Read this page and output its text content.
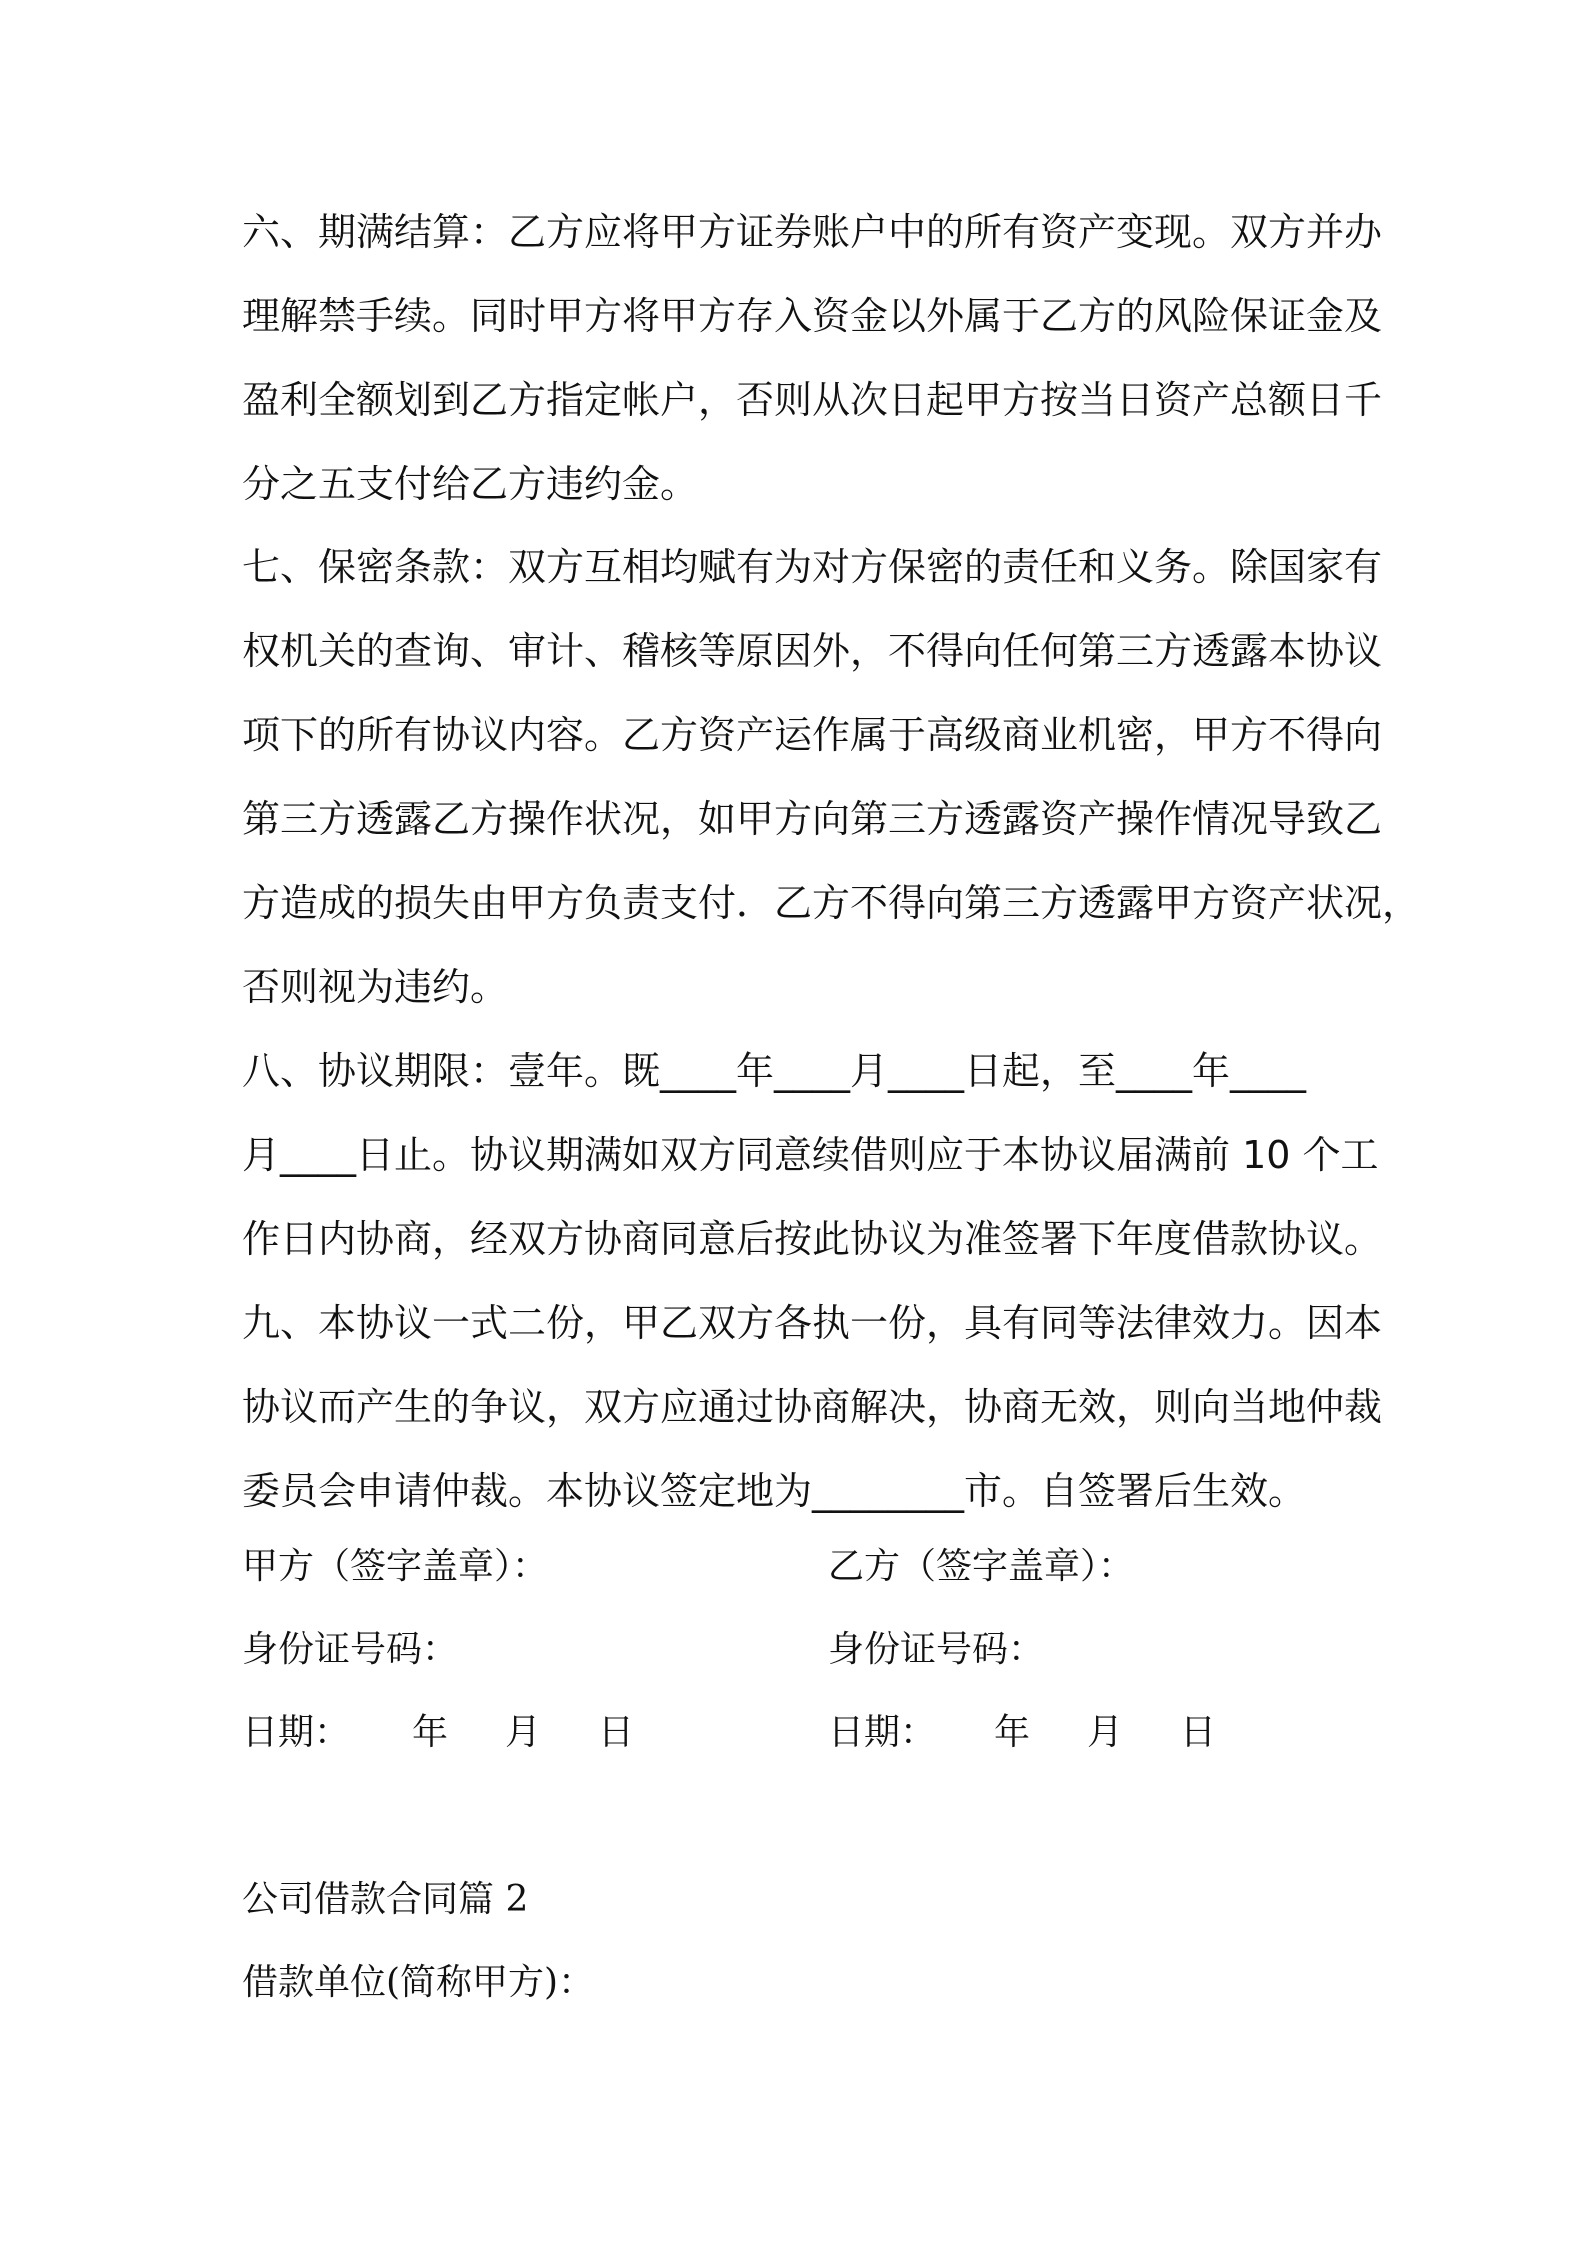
六、期满结算：乙方应将甲方证券账户中的所有资产变现。双方并办
理解禁手续。同时甲方将甲方存入资金以外属于乙方的风险保证金及
盈利全额划到乙方指定帐户，否则从次日起甲方按当日资产总额日千
分之五支付给乙方违约金。
七、保密条款：双方互相均赋有为对方保密的责任和义务。除国家有
权机关的查询、审计、稽核等原因外，不得向任何第三方透露本协议
项下的所有协议内容。乙方资产运作属于高级商业机密，甲方不得向
第三方透露乙方操作状况，如甲方向第三方透露资产操作情况导致乙
方造成的损失由甲方负责支付．乙方不得向第三方透露甲方资产状况，
否则视为违约。
八、协议期限：壹年。既____年____月____日起，至____年____
月____日止。协议期满如双方同意续借则应于本协议届满前 10 个工
作日内协商，经双方协商同意后按此协议为准签署下年度借款协议。
九、本协议一式二份，甲乙双方各执一份，具有同等法律效力。因本
协议而产生的争议，双方应通过协商解决，协商无效，则向当地仲裁
委员会申请仲裁。本协议签定地为________市。自签署后生效。
甲方（签字盖章）：
身份证号码：
日期： 年 月 日
乙方（签字盖章）：
身份证号码：
日期： 年 月 日
公司借款合同篇 2
借款单位(简称甲方)：
